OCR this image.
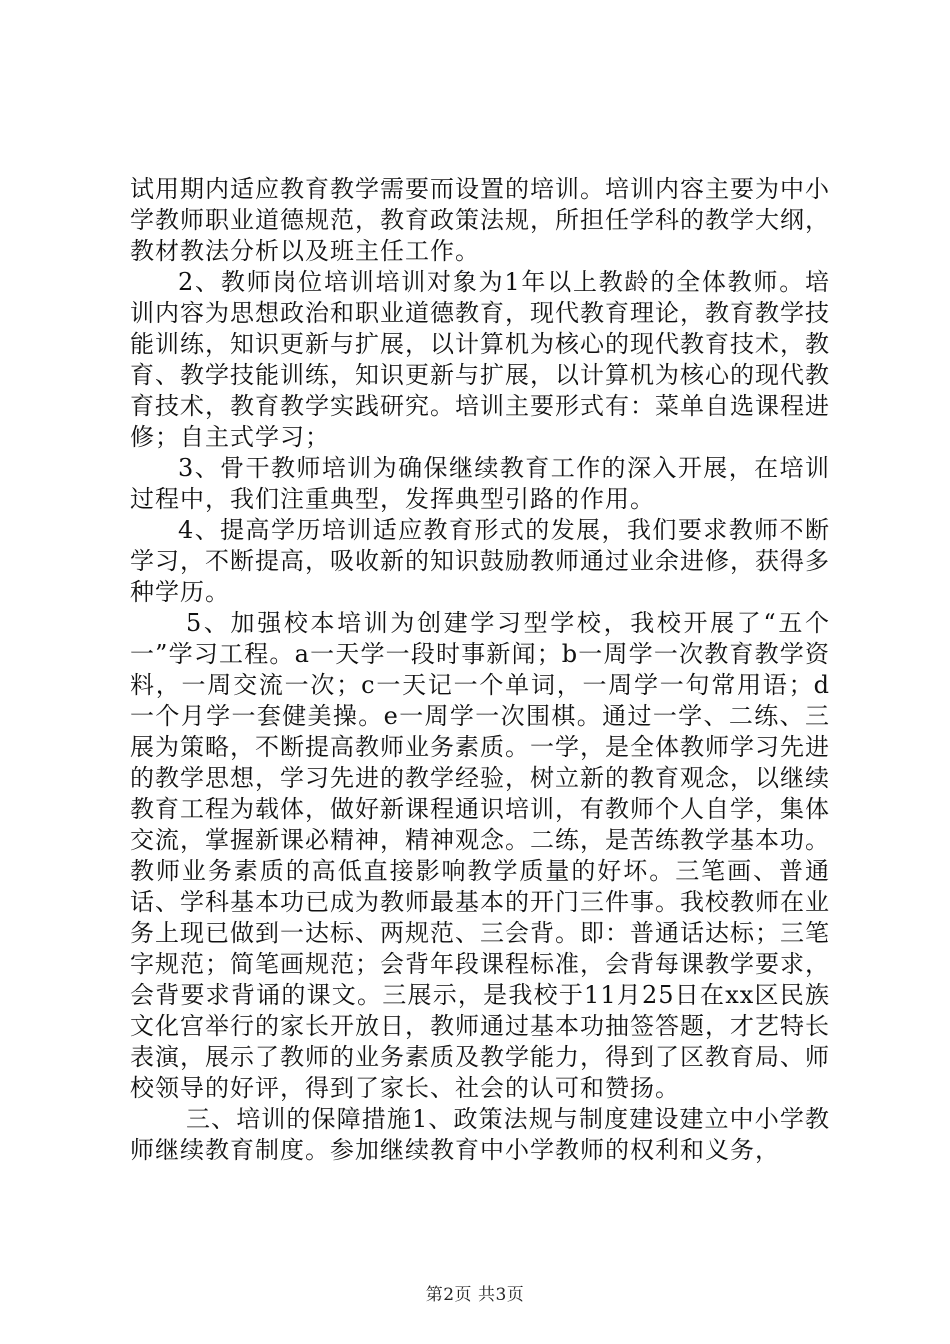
试用期内适应教育教学需要而设置的培训。培训内容主要为中小学教师职业道德规范，教育政策法规，所担任学科的教学大纲，教材教法分析以及班主任工作。

2、教师岗位培训培训对象为1年以上教龄的全体教师。培训内容为思想政治和职业道德教育，现代教育理论，教育教学技能训练，知识更新与扩展，以计算机为核心的现代教育技术，教育、教学技能训练，知识更新与扩展，以计算机为核心的现代教育技术，教育教学实践研究。培训主要形式有：菜单自选课程进修；自主式学习；

3、骨干教师培训为确保继续教育工作的深入开展，在培训过程中，我们注重典型，发挥典型引路的作用。

4、提高学历培训适应教育形式的发展，我们要求教师不断学习，不断提高，吸收新的知识鼓励教师通过业余进修，获得多种学历。

5、加强校本培训为创建学习型学校，我校开展了“五个一”学习工程。a一天学一段时事新闻；b一周学一次教育教学资料，一周交流一次；c一天记一个单词，一周学一句常用语；d一个月学一套健美操。e一周学一次围棋。通过一学、二练、三展为策略，不断提高教师业务素质。一学，是全体教师学习先进的教学思想，学习先进的教学经验，树立新的教育观念，以继续教育工程为载体，做好新课程通识培训，有教师个人自学，集体交流，掌握新课必精神，精神观念。二练，是苦练教学基本功。教师业务素质的高低直接影响教学质量的好坏。三笔画、普通话、学科基本功已成为教师最基本的开门三件事。我校教师在业务上现已做到一达标、两规范、三会背。即：普通话达标；三笔字规范；简笔画规范；会背年段课程标准，会背每课教学要求，会背要求背诵的课文。三展示，是我校于11月25日在xx区民族文化宫举行的家长开放日，教师通过基本功抽签答题，才艺特长表演，展示了教师的业务素质及教学能力，得到了区教育局、师校领导的好评，得到了家长、社会的认可和赞扬。

三、培训的保障措施1、政策法规与制度建设建立中小学教师继续教育制度。参加继续教育中小学教师的权利和义务，

第2页 共3页
